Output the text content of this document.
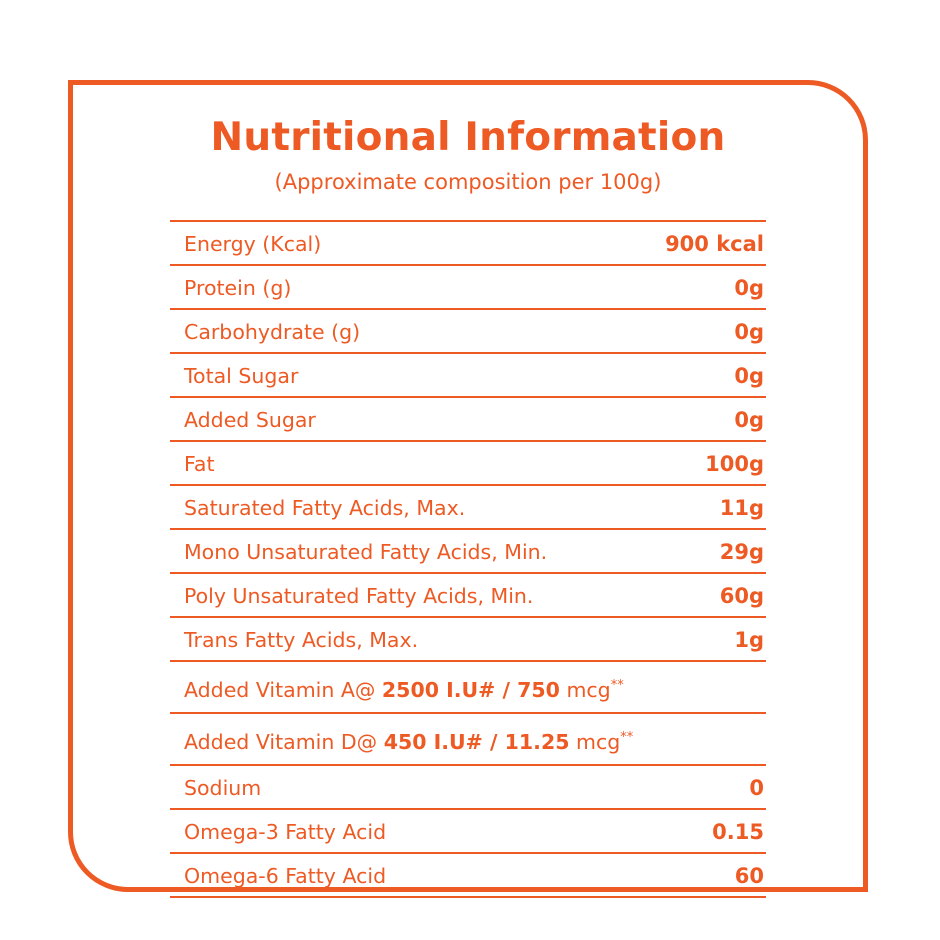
Nutritional Information
(Approximate composition per 100g)
Energy (Kcal)	900 kcal
Protein (g)	0g
Carbohydrate (g)	0g
Total Sugar	0g
Added Sugar	0g
Fat	100g
Saturated Fatty Acids, Max.	11g
Mono Unsaturated Fatty Acids, Min.	29g
Poly Unsaturated Fatty Acids, Min.	60g
Trans Fatty Acids, Max.	1g
Added Vitamin A@ 2500 I.U# / 750 mcg**
Added Vitamin D@ 450 I.U# / 11.25 mcg**
Sodium	0
Omega-3 Fatty Acid	0.15
Omega-6 Fatty Acid	60
